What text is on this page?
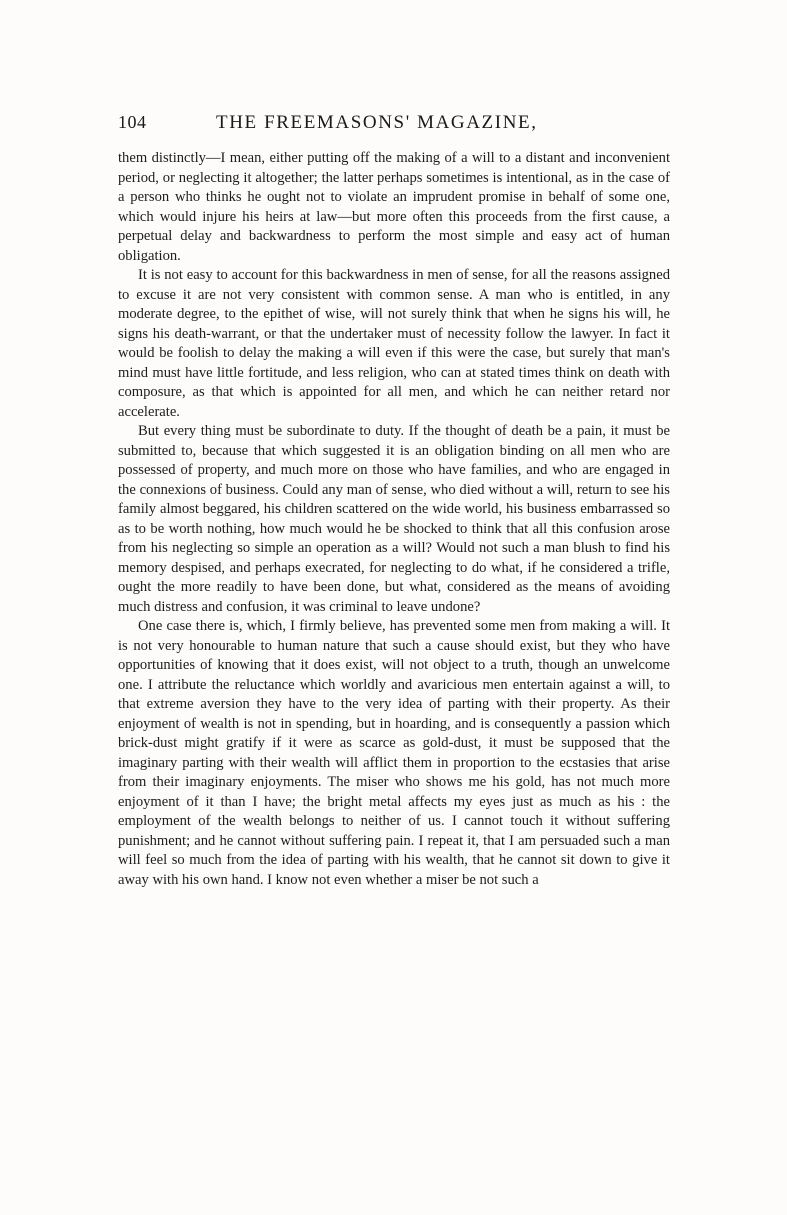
104	THE FREEMASONS' MAGAZINE,

them distinctly—I mean, either putting off the making of a will to a distant and inconvenient period, or neglecting it altogether; the latter perhaps sometimes is intentional, as in the case of a person who thinks he ought not to violate an imprudent promise in behalf of some one, which would injure his heirs at law—but more often this proceeds from the first cause, a perpetual delay and backwardness to perform the most simple and easy act of human obligation.

It is not easy to account for this backwardness in men of sense, for all the reasons assigned to excuse it are not very consistent with common sense. A man who is entitled, in any moderate degree, to the epithet of wise, will not surely think that when he signs his will, he signs his death-warrant, or that the undertaker must of necessity follow the lawyer. In fact it would be foolish to delay the making a will even if this were the case, but surely that man's mind must have little fortitude, and less religion, who can at stated times think on death with composure, as that which is appointed for all men, and which he can neither retard nor accelerate.

But every thing must be subordinate to duty. If the thought of death be a pain, it must be submitted to, because that which suggested it is an obligation binding on all men who are possessed of property, and much more on those who have families, and who are engaged in the connexions of business. Could any man of sense, who died without a will, return to see his family almost beggared, his children scattered on the wide world, his business embarrassed so as to be worth nothing, how much would he be shocked to think that all this confusion arose from his neglecting so simple an operation as a will? Would not such a man blush to find his memory despised, and perhaps execrated, for neglecting to do what, if he considered a trifle, ought the more readily to have been done, but what, considered as the means of avoiding much distress and confusion, it was criminal to leave undone?

One case there is, which, I firmly believe, has prevented some men from making a will. It is not very honourable to human nature that such a cause should exist, but they who have opportunities of knowing that it does exist, will not object to a truth, though an unwelcome one. I attribute the reluctance which worldly and avaricious men entertain against a will, to that extreme aversion they have to the very idea of parting with their property. As their enjoyment of wealth is not in spending, but in hoarding, and is consequently a passion which brick-dust might gratify if it were as scarce as gold-dust, it must be supposed that the imaginary parting with their wealth will afflict them in proportion to the ecstasies that arise from their imaginary enjoyments. The miser who shows me his gold, has not much more enjoyment of it than I have; the bright metal affects my eyes just as much as his : the employment of the wealth belongs to neither of us. I cannot touch it without suffering punishment; and he cannot without suffering pain. I repeat it, that I am persuaded such a man will feel so much from the idea of parting with his wealth, that he cannot sit down to give it away with his own hand. I know not even whether a miser be not such a
